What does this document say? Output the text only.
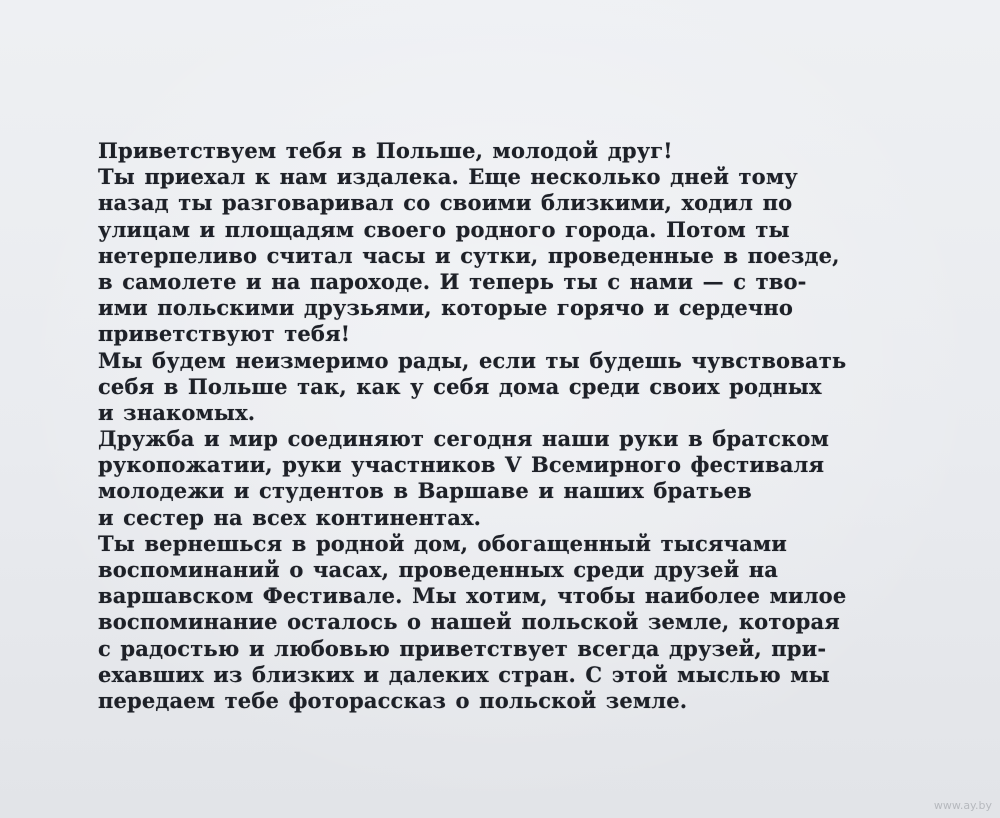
Приветствуем тебя в Польше, молодой друг!
Ты приехал к нам издалека. Еще несколько дней тому
назад ты разговаривал со своими близкими, ходил по
улицам и площадям своего родного города. Потом ты
нетерпеливо считал часы и сутки, проведенные в поезде,
в самолете и на пароходе. И теперь ты с нами — с тво-
ими польскими друзьями, которые горячо и сердечно
приветствуют тебя!
Мы будем неизмеримо рады, если ты будешь чувствовать
себя в Польше так, как у себя дома среди своих родных
и знакомых.
Дружба и мир соединяют сегодня наши руки в братском
рукопожатии, руки участников V Всемирного фестиваля
молодежи и студентов в Варшаве и наших братьев
и сестер на всех континентах.
Ты вернешься в родной дом, обогащенный тысячами
воспоминаний о часах, проведенных среди друзей на
варшавском Фестивале. Мы хотим, чтобы наиболее милое
воспоминание осталось о нашей польской земле, которая
с радостью и любовью приветствует всегда друзей, при-
ехавших из близких и далеких стран. С этой мыслью мы
передаем тебе фоторассказ о польской земле.
www.ay.by
